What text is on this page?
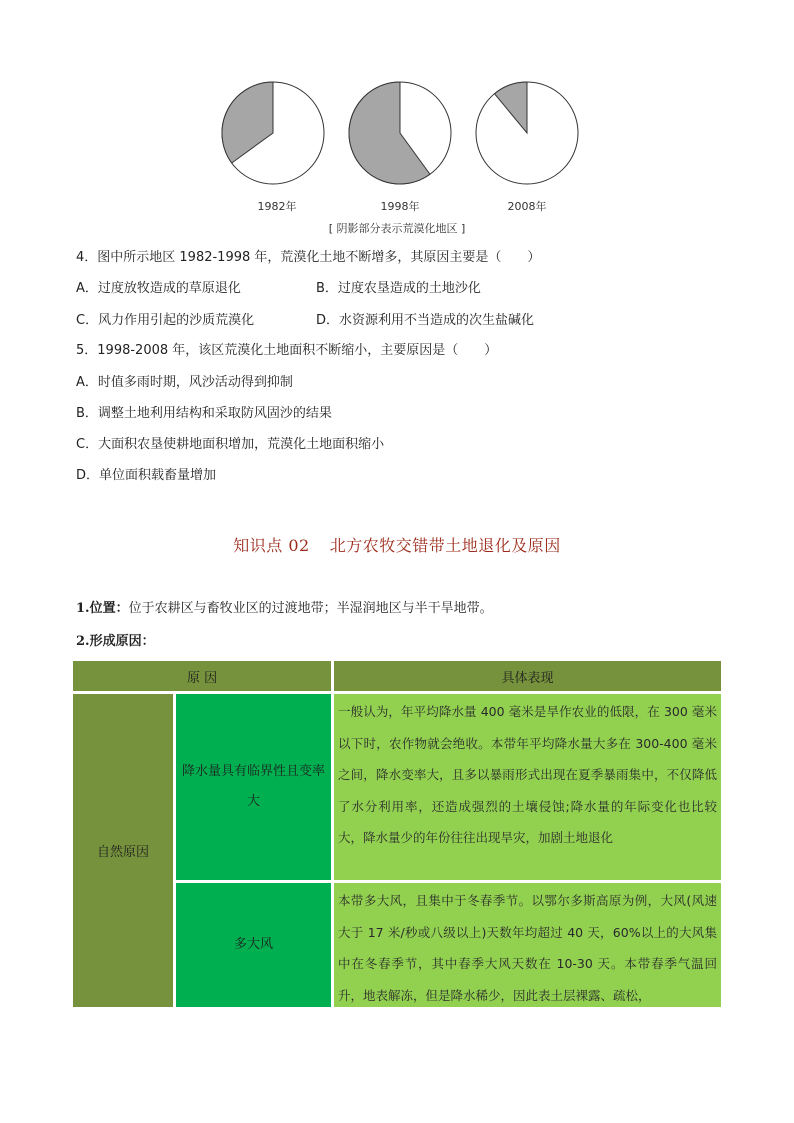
1982年	1998年	2008年
[ 阴影部分表示荒漠化地区 ]
4．图中所示地区 1982-1998 年，荒漠化土地不断增多，其原因主要是（　　）
A．过度放牧造成的草原退化	B．过度农垦造成的土地沙化
C．风力作用引起的沙质荒漠化	D．水资源利用不当造成的次生盐碱化
5．1998-2008 年，该区荒漠化土地面积不断缩小，主要原因是（　　）
A．时值多雨时期，风沙活动得到抑制
B．调整土地利用结构和采取防风固沙的结果
C．大面积农垦使耕地面积增加，荒漠化土地面积缩小
D．单位面积载畜量增加
知识点 02 北方农牧交错带土地退化及原因
1.位置：位于农耕区与畜牧业区的过渡地带；半湿润地区与半干旱地带。
2.形成原因：
原 因		具体表现
自然原因	降水量具有临界性且变率大	一般认为，年平均降水量 400 毫米是旱作农业的低限，在 300 毫米以下时，农作物就会绝收。本带年平均降水量大多在 300-400 毫米之间，降水变率大，且多以暴雨形式出现在夏季暴雨集中，不仅降低了水分利用率，还造成强烈的土壤侵蚀;降水量的年际变化也比较大，降水量少的年份往往出现旱灾，加剧土地退化
	多大风	本带多大风，且集中于冬春季节。以鄂尔多斯高原为例，大风(风速大于 17 米/秒或八级以上)天数年均超过 40 天，60%以上的大风集中在冬春季节，其中春季大风天数在 10-30 天。本带春季气温回升，地表解冻，但是降水稀少，因此表土层裸露、疏松，
